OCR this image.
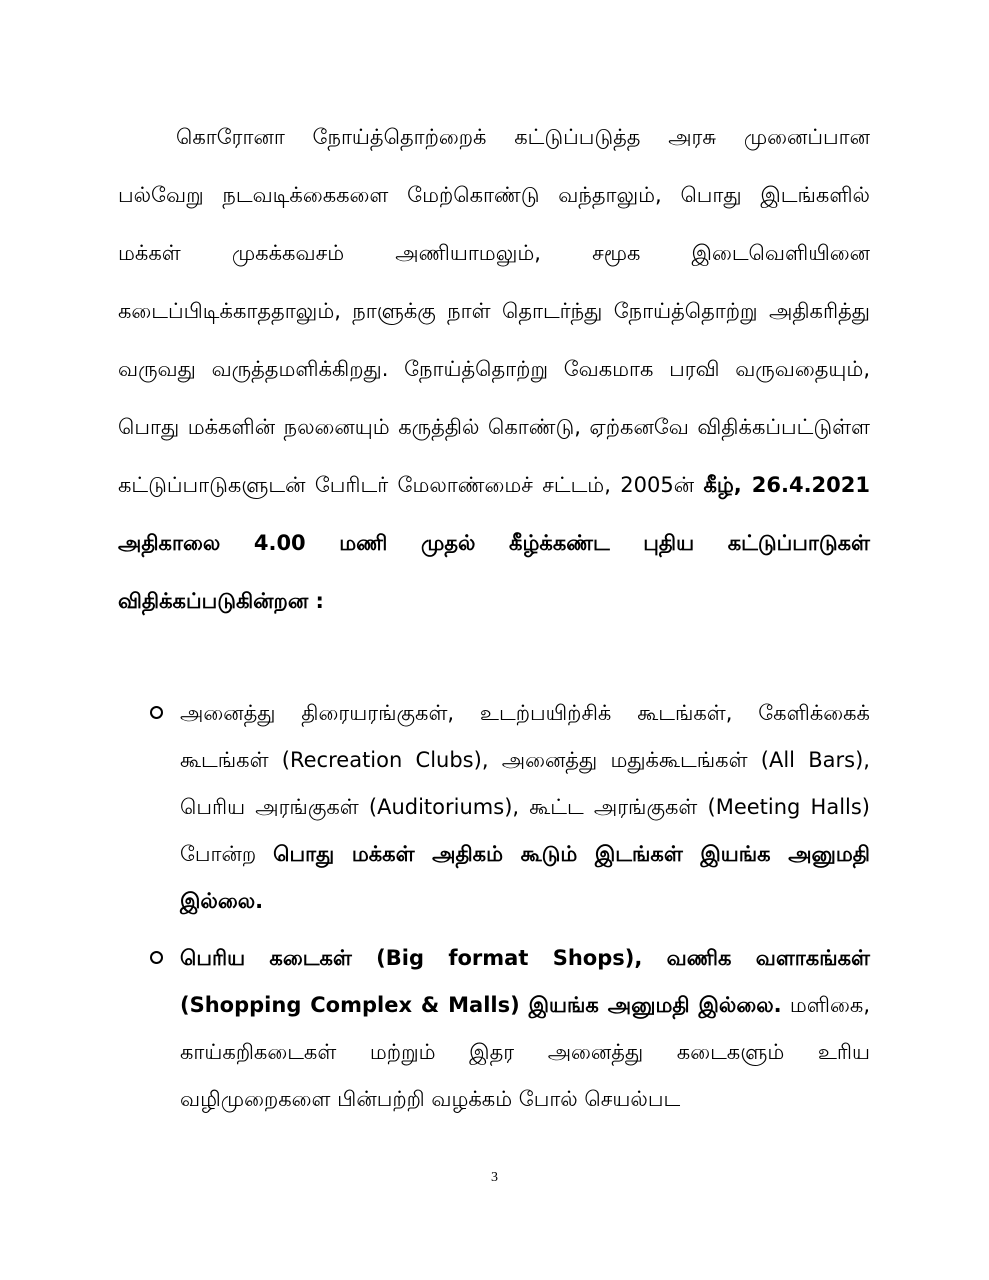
கொரோனா நோய்த்தொற்றைக் கட்டுப்படுத்த அரசு முனைப்பான பல்வேறு நடவடிக்கைகளை மேற்கொண்டு வந்தாலும், பொது இடங்களில் மக்கள் முகக்கவசம் அணியாமலும், சமூக இடைவெளியினை கடைப்பிடிக்காததாலும், நாளுக்கு நாள் தொடர்ந்து நோய்த்தொற்று அதிகரித்து வருவது வருத்தமளிக்கிறது. நோய்த்தொற்று வேகமாக பரவி வருவதையும், பொது மக்களின் நலனையும் கருத்தில் கொண்டு, ஏற்கனவே விதிக்கப்பட்டுள்ள கட்டுப்பாடுகளுடன் பேரிடர் மேலாண்மைச் சட்டம், 2005ன் கீழ், 26.4.2021 அதிகாலை 4.00 மணி முதல் கீழ்க்கண்ட புதிய கட்டுப்பாடுகள் விதிக்கப்படுகின்றன :

அனைத்து திரையரங்குகள், உடற்பயிற்சிக் கூடங்கள், கேளிக்கைக் கூடங்கள் (Recreation Clubs), அனைத்து மதுக்கூடங்கள் (All Bars), பெரிய அரங்குகள் (Auditoriums), கூட்ட அரங்குகள் (Meeting Halls) போன்ற பொது மக்கள் அதிகம் கூடும் இடங்கள் இயங்க அனுமதி இல்லை.
பெரிய கடைகள் (Big format Shops), வணிக வளாகங்கள் (Shopping Complex & Malls) இயங்க அனுமதி இல்லை. மளிகை, காய்கறிகடைகள் மற்றும் இதர அனைத்து கடைகளும் உரிய வழிமுறைகளை பின்பற்றி வழக்கம் போல் செயல்பட
3
